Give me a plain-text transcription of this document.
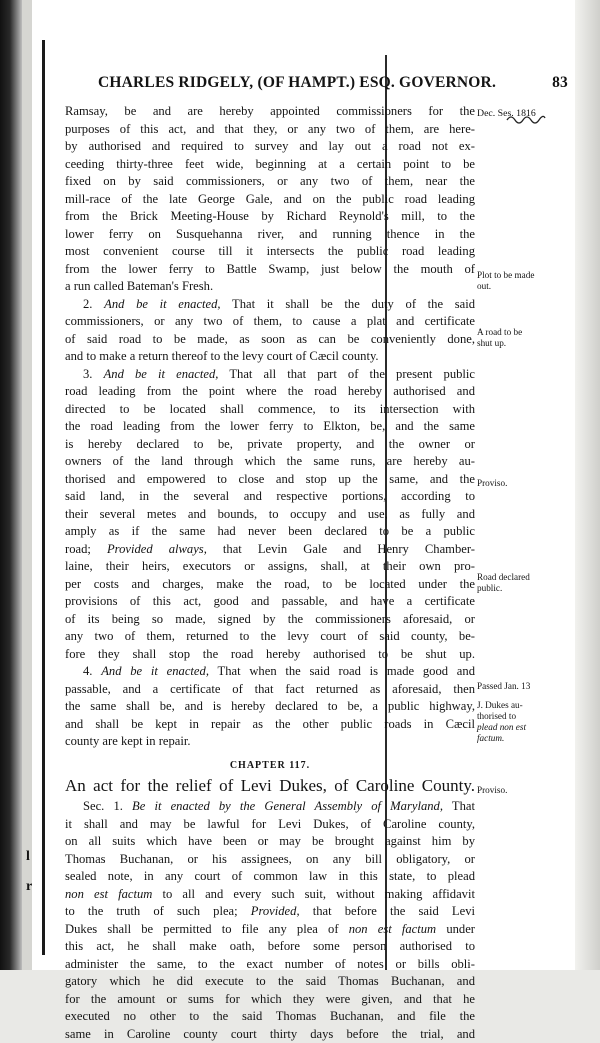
l
r
CHARLES RIDGELY, (OF HAMPT.) ESQ. GOVERNOR.	83
Ramsay, be and are hereby appointed commissioners for the
purposes of this act, and that they, or any two of them, are here-
by authorised and required to survey and lay out a road not ex-
ceeding thirty-three feet wide, beginning at a certain point to be
fixed on by said commissioners, or any two of them, near the
mill-race of the late George Gale, and on the public road leading
from the Brick Meeting-House by Richard Reynold's mill, to the
lower ferry on Susquehanna river, and running thence in the
most convenient course till it intersects the public road leading
from the lower ferry to Battle Swamp, just below the mouth of
a run called Bateman's Fresh.
2. And be it enacted, That it shall be the duty of the said
commissioners, or any two of them, to cause a plat and certificate
of said road to be made, as soon as can be conveniently done,
and to make a return thereof to the levy court of Cæcil county.
3. And be it enacted, That all that part of the present public
road leading from the point where the road hereby authorised and
directed to be located shall commence, to its intersection with
the road leading from the lower ferry to Elkton, be, and the same
is hereby declared to be, private property, and the owner or
owners of the land through which the same runs, are hereby au-
thorised and empowered to close and stop up the same, and the
said land, in the several and respective portions, according to
their several metes and bounds, to occupy and use, as fully and
amply as if the same had never been declared to be a public
road; Provided always, that Levin Gale and Henry Chamber-
laine, their heirs, executors or assigns, shall, at their own pro-
per costs and charges, make the road, to be located under the
provisions of this act, good and passable, and have a certificate
of its being so made, signed by the commissioners aforesaid, or
any two of them, returned to the levy court of said county, be-
fore they shall stop the road hereby authorised to be shut up.
4. And be it enacted, That when the said road is made good and
passable, and a certificate of that fact returned as aforesaid, then
the same shall be, and is hereby declared to be, a public highway,
and shall be kept in repair as the other public roads in Cæcil
county are kept in repair.
CHAPTER 117.
An act for the relief of Levi Dukes, of Caroline County.
Sec. 1. Be it enacted by the General Assembly of Maryland, That
it shall and may be lawful for Levi Dukes, of Caroline county,
on all suits which have been or may be brought against him by
Thomas Buchanan, or his assignees, on any bill obligatory, or
sealed note, in any court of common law in this state, to plead
non est factum to all and every such suit, without making affidavit
to the truth of such plea; Provided, that before the said Levi
Dukes shall be permitted to file any plea of non est factum under
this act, he shall make oath, before some person authorised to
administer the same, to the exact number of notes or bills obli-
gatory which he did execute to the said Thomas Buchanan, and
for the amount or sums for which they were given, and that he
executed no other to the said Thomas Buchanan, and file the
same in Caroline county court thirty days before the trial, and
Dec. Ses. 1816
Plot to be made
out.
A road to be
shut up.
Proviso.
Road declared
public.
Passed Jan. 13
J. Dukes au-
thorised to
plead non est
factum.
Proviso.
